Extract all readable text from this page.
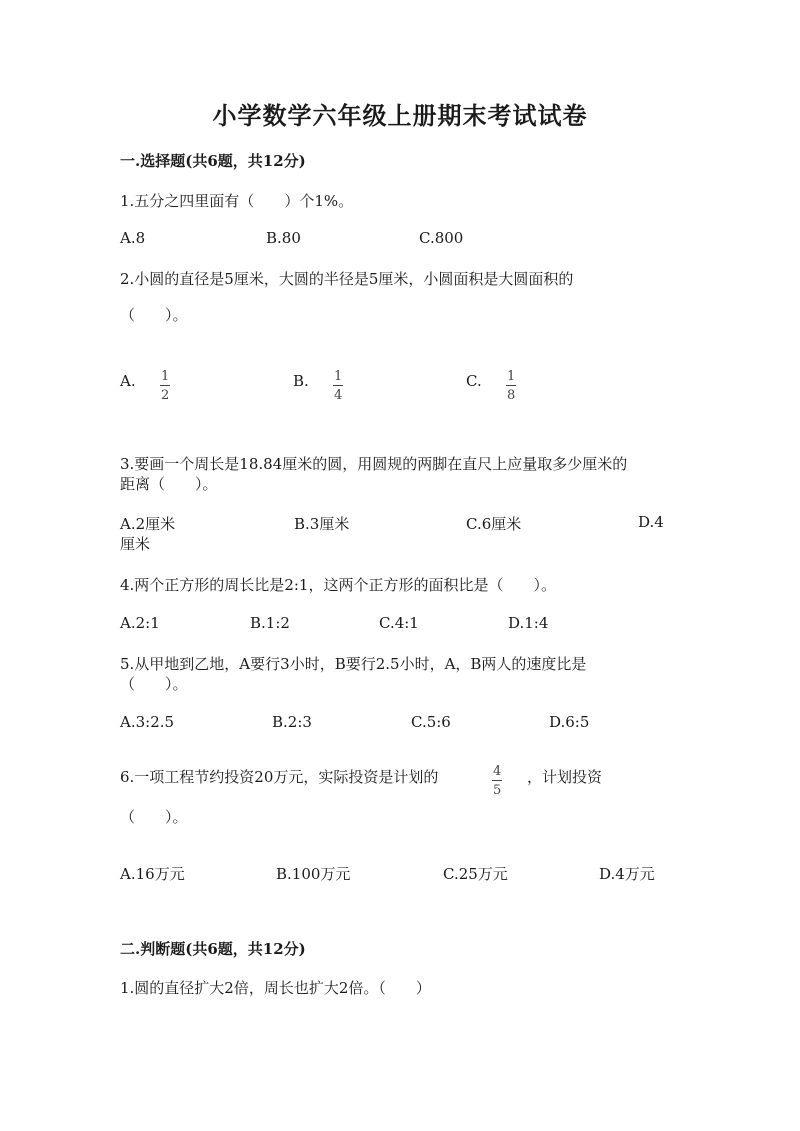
小学数学六年级上册期末考试试卷
一.选择题(共6题，共12分)
1.五分之四里面有（　　）个1%。
A.8	B.80	C.800
2.小圆的直径是5厘米，大圆的半径是5厘米，小圆面积是大圆面积的
（　　）。
A. $\frac{1}{2}$	B. $\frac{1}{4}$	C. $\frac{1}{8}$
3.要画一个周长是18.84厘米的圆，用圆规的两脚在直尺上应量取多少厘米的
距离（　　）。
A.2厘米	B.3厘米	C.6厘米	D.4
厘米
4.两个正方形的周长比是2:1，这两个正方形的面积比是（　　）。
A.2:1	B.1:2	C.4:1	D.1:4
5.从甲地到乙地，A要行3小时，B要行2.5小时，A，B两人的速度比是
（　　）。
A.3:2.5	B.2:3	C.5:6	D.6:5
6.一项工程节约投资20万元，实际投资是计划的	$\frac{4}{5}$ ，计划投资
（　　）。
A.16万元	B.100万元	C.25万元	D.4万元
二.判断题(共6题，共12分)
1.圆的直径扩大2倍，周长也扩大2倍。（　　）
